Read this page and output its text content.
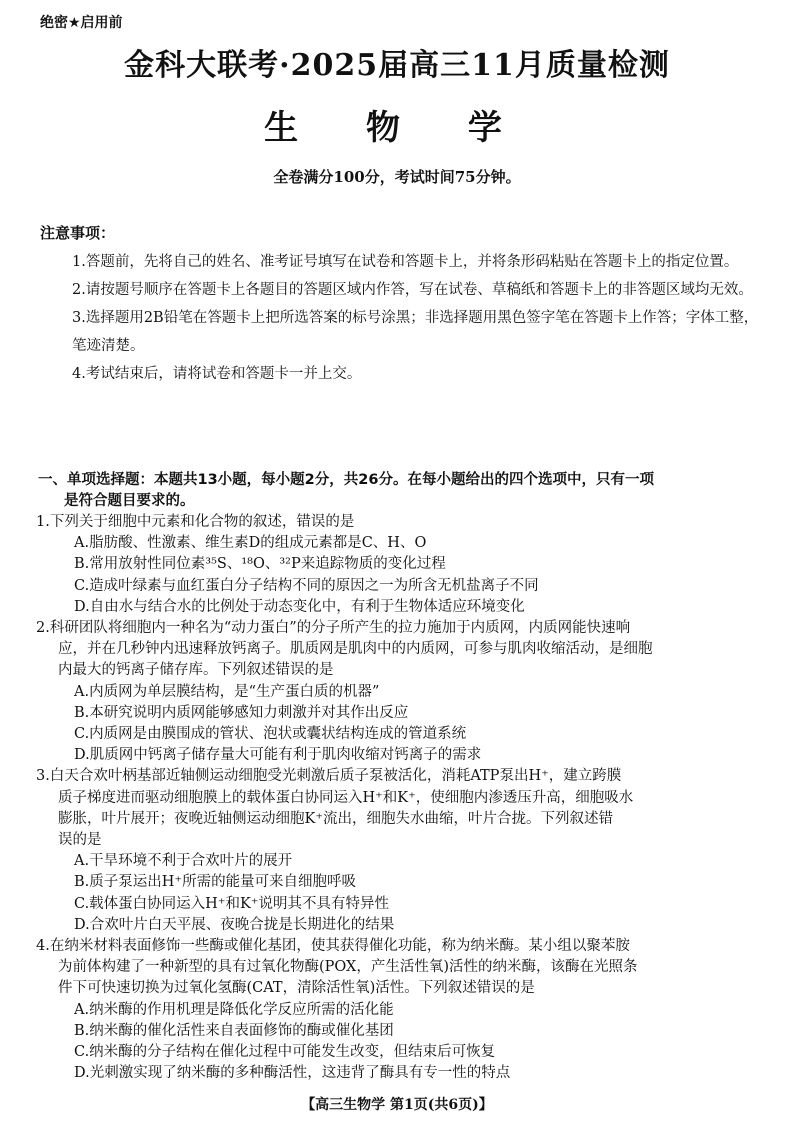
绝密★启用前
金科大联考·2025届高三11月质量检测
生 物 学
全卷满分100分，考试时间75分钟。
注意事项：
1.答题前，先将自己的姓名、准考证号填写在试卷和答题卡上，并将条形码粘贴在答题卡上的指定位置。
2.请按题号顺序在答题卡上各题目的答题区域内作答，写在试卷、草稿纸和答题卡上的非答题区域均无效。
3.选择题用2B铅笔在答题卡上把所选答案的标号涂黑；非选择题用黑色签字笔在答题卡上作答；字体工整，笔迹清楚。
4.考试结束后，请将试卷和答题卡一并上交。
一、单项选择题：本题共13小题，每小题2分，共26分。在每小题给出的四个选项中，只有一项
是符合题目要求的。
1.下列关于细胞中元素和化合物的叙述，错误的是
A.脂肪酸、性激素、维生素D的组成元素都是C、H、O
B.常用放射性同位素³⁵S、¹⁸O、³²P来追踪物质的变化过程
C.造成叶绿素与血红蛋白分子结构不同的原因之一为所含无机盐离子不同
D.自由水与结合水的比例处于动态变化中，有利于生物体适应环境变化
2.科研团队将细胞内一种名为“动力蛋白”的分子所产生的拉力施加于内质网，内质网能快速响
应，并在几秒钟内迅速释放钙离子。肌质网是肌肉中的内质网，可参与肌肉收缩活动，是细胞
内最大的钙离子储存库。下列叙述错误的是
A.内质网为单层膜结构，是“生产蛋白质的机器”
B.本研究说明内质网能够感知力刺激并对其作出反应
C.内质网是由膜围成的管状、泡状或囊状结构连成的管道系统
D.肌质网中钙离子储存量大可能有利于肌肉收缩对钙离子的需求
3.白天合欢叶柄基部近轴侧运动细胞受光刺激后质子泵被活化，消耗ATP泵出H⁺，建立跨膜
质子梯度进而驱动细胞膜上的载体蛋白协同运入H⁺和K⁺，使细胞内渗透压升高，细胞吸水
膨胀，叶片展开；夜晚近轴侧运动细胞K⁺流出，细胞失水曲缩，叶片合拢。下列叙述错
误的是
A.干旱环境不利于合欢叶片的展开
B.质子泵运出H⁺所需的能量可来自细胞呼吸
C.载体蛋白协同运入H⁺和K⁺说明其不具有特异性
D.合欢叶片白天平展、夜晚合拢是长期进化的结果
4.在纳米材料表面修饰一些酶或催化基团，使其获得催化功能，称为纳米酶。某小组以聚苯胺
为前体构建了一种新型的具有过氧化物酶(POX，产生活性氧)活性的纳米酶，该酶在光照条
件下可快速切换为过氧化氢酶(CAT，清除活性氧)活性。下列叙述错误的是
A.纳米酶的作用机理是降低化学反应所需的活化能
B.纳米酶的催化活性来自表面修饰的酶或催化基团
C.纳米酶的分子结构在催化过程中可能发生改变，但结束后可恢复
D.光刺激实现了纳米酶的多种酶活性，这违背了酶具有专一性的特点
【高三生物学 第1页(共6页)】
